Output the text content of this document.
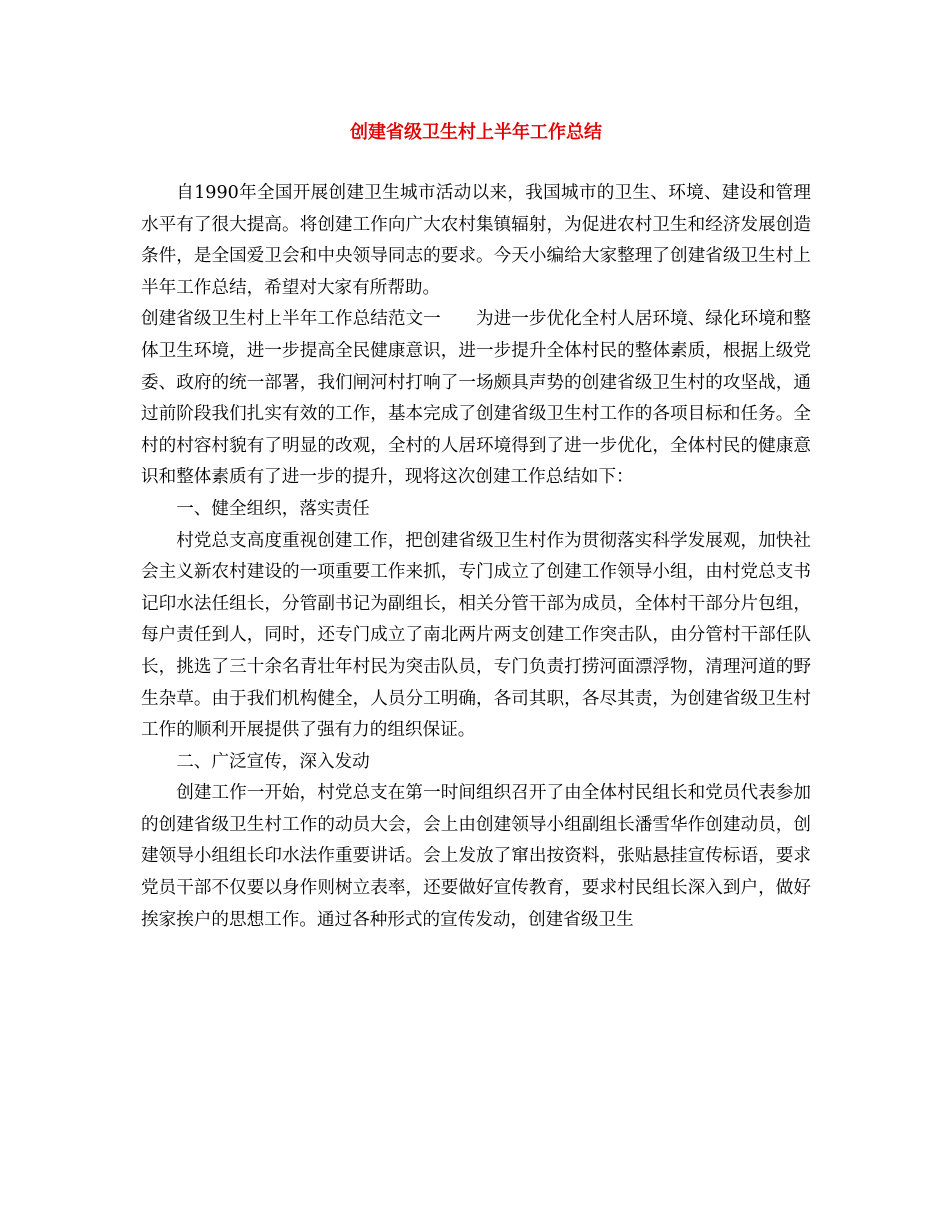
创建省级卫生村上半年工作总结

自1990年全国开展创建卫生城市活动以来，我国城市的卫生、环境、建设和管理水平有了很大提高。将创建工作向广大农村集镇辐射，为促进农村卫生和经济发展创造条件，是全国爱卫会和中央领导同志的要求。今天小编给大家整理了创建省级卫生村上半年工作总结，希望对大家有所帮助。

创建省级卫生村上半年工作总结范文一　　为进一步优化全村人居环境、绿化环境和整体卫生环境，进一步提高全民健康意识，进一步提升全体村民的整体素质，根据上级党委、政府的统一部署，我们闸河村打响了一场颇具声势的创建省级卫生村的攻坚战，通过前阶段我们扎实有效的工作，基本完成了创建省级卫生村工作的各项目标和任务。全村的村容村貌有了明显的改观，全村的人居环境得到了进一步优化，全体村民的健康意识和整体素质有了进一步的提升，现将这次创建工作总结如下：

一、健全组织，落实责任

村党总支高度重视创建工作，把创建省级卫生村作为贯彻落实科学发展观，加快社会主义新农村建设的一项重要工作来抓，专门成立了创建工作领导小组，由村党总支书记印水法任组长，分管副书记为副组长，相关分管干部为成员，全体村干部分片包组，每户责任到人，同时，还专门成立了南北两片两支创建工作突击队，由分管村干部任队长，挑选了三十余名青壮年村民为突击队员，专门负责打捞河面漂浮物，清理河道的野生杂草。由于我们机构健全，人员分工明确，各司其职，各尽其责，为创建省级卫生村工作的顺利开展提供了强有力的组织保证。

二、广泛宣传，深入发动

创建工作一开始，村党总支在第一时间组织召开了由全体村民组长和党员代表参加的创建省级卫生村工作的动员大会，会上由创建领导小组副组长潘雪华作创建动员，创建领导小组组长印水法作重要讲话。会上发放了窜出按资料，张贴悬挂宣传标语，要求党员干部不仅要以身作则树立表率，还要做好宣传教育，要求村民组长深入到户，做好挨家挨户的思想工作。通过各种形式的宣传发动，创建省级卫生
